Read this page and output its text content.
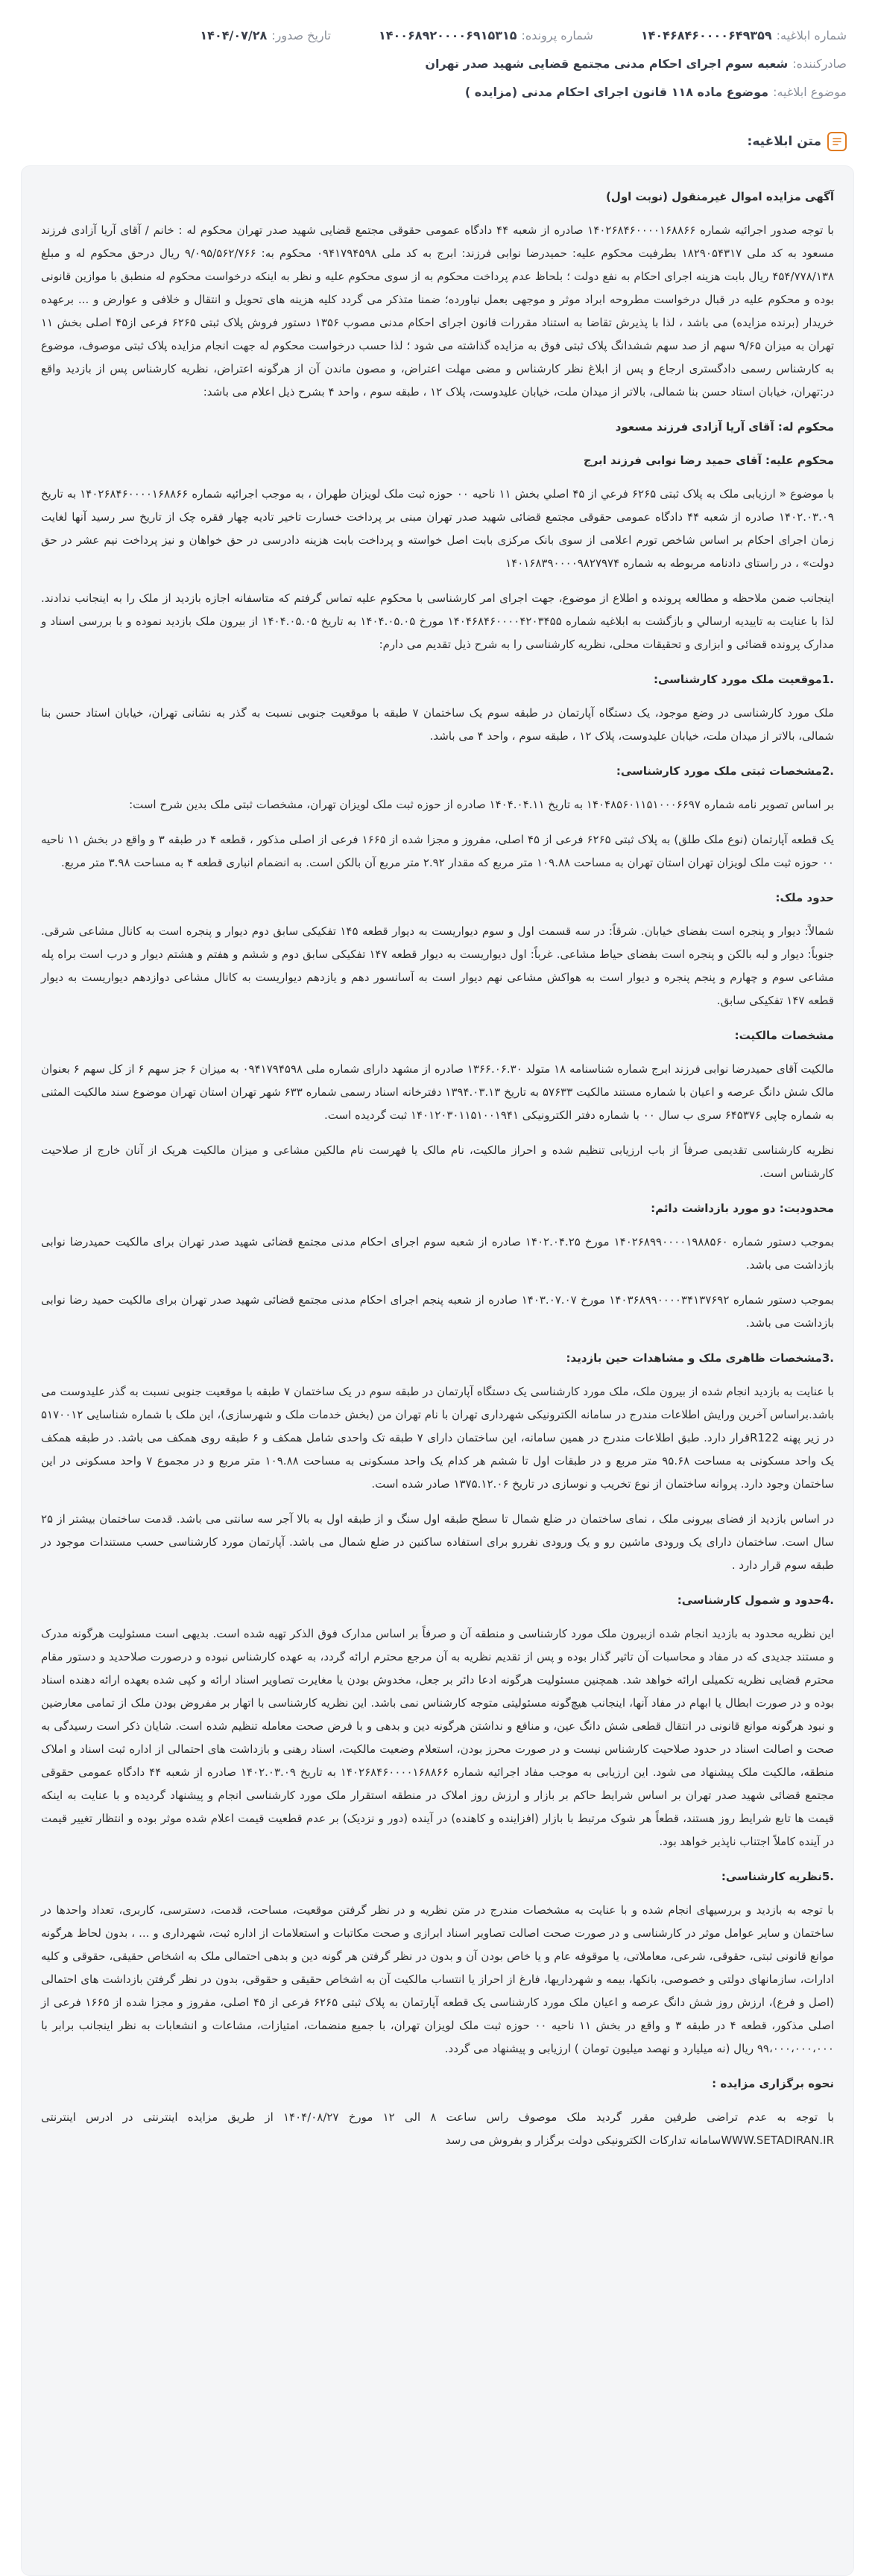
شماره ابلاغیه:
۱۴۰۴۶۸۴۶۰۰۰۰۶۴۹۳۵۹
شماره پرونده:
۱۴۰۰۶۸۹۲۰۰۰۰۶۹۱۵۳۱۵
تاریخ صدور:
۱۴۰۴/۰۷/۲۸
صادرکننده:
شعبه سوم اجرای احکام مدنی مجتمع قضایی شهید صدر تهران
موضوع ابلاغیه:
موضوع ماده ۱۱۸ قانون اجرای احکام مدنی (مزایده )
متن ابلاغیه:

آگهی مزایده اموال غیرمنقول (نوبت اول)

با توجه صدور اجرائیه شماره ۱۴۰۲۶۸۴۶۰۰۰۰۱۶۸۸۶۶ صادره از شعبه ۴۴ دادگاه عمومی حقوقی مجتمع قضایی شهید صدر تهران محکوم له : خانم / آقای آریا آزادی فرزند مسعود به کد ملی ۱۸۲۹۰۵۴۳۱۷ بطرفیت محکوم علیه: حمیدرضا نوابی فرزند: ابرج به کد ملی ۰۹۴۱۷۹۴۵۹۸ محکوم به: ۹/۰۹۵/۵۶۲/۷۶۶ ریال درحق محکوم له و مبلغ ۴۵۴/۷۷۸/۱۳۸ ریال بابت هزینه اجرای احکام به نفع دولت ؛ بلحاظ عدم پرداخت محکوم به از سوی محکوم علیه و نظر به اینکه درخواست محکوم له منطبق با موازین قانونی بوده و محکوم علیه در قبال درخواست مطروحه ابراد موثر و موجهی بعمل نیاورده؛ ضمنا متذکر می گردد کلیه هزینه های تحویل و انتقال و خلافی و عوارض و ... برعهده خریدار (برنده مزایده) می باشد ، لذا با پذیرش تقاضا به استناد مقررات قانون اجرای احکام مدنی مصوب ۱۳۵۶ دستور فروش پلاک ثبتی ۶۲۶۵ فرعی از۴۵ اصلی بخش ۱۱ تهران به میزان ۹/۶۵ سهم از صد سهم ششدانگ پلاک ثبتی فوق به مزایده گذاشته می شود ؛ لذا حسب درخواست محکوم له جهت انجام مزایده پلاک ثبتی موصوف، موضوع به کارشناس رسمی دادگستری ارجاع و پس از ابلاغ نظر کارشناس و مضی مهلت اعتراض، و مصون ماندن آن از هرگونه اعتراض، نظریه کارشناس پس از بازدید واقع در:تهران، خیابان استاد حسن بنا شمالی، بالاتر از میدان ملت، خیابان علیدوست، پلاک ۱۲ ، طبقه سوم ، واحد ۴ بشرح ذیل اعلام می باشد:

محکوم له: آقای آریا آزادی فرزند مسعود

محکوم علیه: آقای حمید رضا نوابی فرزند ابرج

با موضوع « ارزیابی ملک به پلاک ثبتی ۶۲۶۵ فرعي از ۴۵ اصلي بخش ۱۱ ناحيه ۰۰ حوزه ثبت ملک لويزان طهران ، به موجب اجرائيه شماره ۱۴۰۲۶۸۴۶۰۰۰۰۱۶۸۸۶۶ به تاريخ ۱۴۰۲.۰۳.۰۹ صادره از شعبه ۴۴ دادگاه عمومی حقوقی مجتمع قضائی شهید صدر تهران مبنی بر پرداخت خسارت تاخیر تادیه چهار فقره چک از تاریخ سر رسید آنها لغایت زمان اجرای احکام بر اساس شاخص تورم اعلامی از سوی بانک مرکزی بابت اصل خواسته و پرداخت بابت هزینه دادرسی در حق خواهان و نیز پرداخت نیم عشر در حق دولت» ، در راستای دادنامه مربوطه به شماره ۱۴۰۱۶۸۳۹۰۰۰۰۹۸۲۷۹۷۴

اینجانب ضمن ملاحظه و مطالعه پرونده و اطلاع از موضوع، جهت اجرای امر کارشناسی با محکوم عليه تماس گرفتم که متاسفانه اجازه بازديد از ملک را به اينجانب ندادند. لذا با عنايت به تاييديه ارسالي و بازگشت به ابلاغيه شماره ۱۴۰۴۶۸۴۶۰۰۰۰۴۲۰۳۴۵۵ مورخ ۱۴۰۴.۰۵.۰۵ به تاريخ ۱۴۰۴.۰۵.۰۵ از بيرون ملک بازديد نموده و با بررسی اسناد و مدارک پرونده قضائی و ابزاری و تحقيقات محلی، نظريه کارشناسی را به شرح ذيل تقديم می دارم:

.1موقعيت ملک مورد کارشناسی:

ملک مورد کارشناسی در وضع موجود، يک دستگاه آپارتمان در طبقه سوم يک ساختمان ۷ طبقه با موقعيت جنوبی نسبت به گذر به نشانی تهران، خيابان استاد حسن بنا شمالی، بالاتر از ميدان ملت، خيابان عليدوست، پلاک ۱۲ ، طبقه سوم ، واحد ۴ می باشد.

.2مشخصات ثبتی ملک مورد کارشناسی:

بر اساس تصوير نامه شماره ۱۴۰۴۸۵۶۰۱۱۵۱۰۰۰۶۶۹۷ به تاريخ ۱۴۰۴.۰۴.۱۱ صادره از حوزه ثبت ملک لويزان تهران، مشخصات ثبتی ملک بدين شرح است:

يک قطعه آپارتمان (نوع ملک طلق) به پلاک ثبتی ۶۲۶۵ فرعی از ۴۵ اصلی، مفروز و مجزا شده از ۱۶۶۵ فرعی از اصلی مذکور ، قطعه ۴ در طبقه ۳ و واقع در بخش ۱۱ ناحيه ۰۰ حوزه ثبت ملک لويزان تهران استان تهران به مساحت ۱۰۹.۸۸ متر مربع که مقدار ۲.۹۲ متر مربع آن بالکن است. به انضمام انباری قطعه ۴ به مساحت ۳.۹۸ متر مربع.

حدود ملک:

شمالاً: ديوار و پنجره است بفضای خيابان. شرقاً: در سه قسمت اول و سوم ديواريست به ديوار قطعه ۱۴۵ تفکيکی سابق دوم ديوار و پنجره است به کانال مشاعی شرقی. جنوباً: ديوار و لبه بالکن و پنجره است بفضای حياط مشاعی. غرباً: اول ديواريست به ديوار قطعه ۱۴۷ تفکيکی سابق دوم و ششم و هفتم و هشتم ديوار و درب است براه پله مشاعی سوم و چهارم و پنجم پنجره و ديوار است به هواکش مشاعی نهم ديوار است به آسانسور دهم و يازدهم ديواريست به کانال مشاعی دوازدهم ديواريست به ديوار قطعه ۱۴۷ تفکيکی سابق.

مشخصات مالکيت:

مالکيت آقای حميدرضا نوابی فرزند ابرج شماره شناسنامه ۱۸ متولد ۱۳۶۶.۰۶.۳۰ صادره از مشهد دارای شماره ملی ۰۹۴۱۷۹۴۵۹۸ به ميزان ۶ جز سهم ۶ از کل سهم ۶ بعنوان مالک شش دانگ عرصه و اعيان با شماره مستند مالکيت ۵۷۶۳۳ به تاريخ ۱۳۹۴.۰۳.۱۳ دفترخانه اسناد رسمی شماره ۶۳۳ شهر تهران استان تهران موضوع سند مالکيت المثنی به شماره چاپی ۶۴۵۳۷۶ سری ب سال ۰۰ با شماره دفتر الکترونيکی ۱۴۰۱۲۰۳۰۱۱۵۱۰۰۱۹۴۱ ثبت گرديده است.

نظريه کارشناسی تقديمی صرفاً از باب ارزيابی تنظيم شده و احراز مالکيت، نام مالک يا فهرست نام مالکين مشاعی و ميزان مالکيت هريک از آنان خارج از صلاحيت کارشناس است.

محدوديت: دو مورد بازداشت دائم:

بموجب دستور شماره ۱۴۰۲۶۸۹۹۰۰۰۰۱۹۸۸۵۶۰ مورخ ۱۴۰۲.۰۴.۲۵ صادره از شعبه سوم اجرای احکام مدنی مجتمع قضائی شهيد صدر تهران برای مالکيت حميدرضا نوابی بازداشت می باشد.

بموجب دستور شماره ۱۴۰۳۶۸۹۹۰۰۰۰۳۴۱۳۷۶۹۲ مورخ ۱۴۰۳.۰۷.۰۷ صادره از شعبه پنجم اجرای احکام مدنی مجتمع قضائی شهيد صدر تهران برای مالکيت حميد رضا نوابی بازداشت می باشد.

.3مشخصات ظاهری ملک و مشاهدات حين بازديد:

با عنايت به بازديد انجام شده از بيرون ملک، ملک مورد کارشناسی يک دستگاه آپارتمان در طبقه سوم در يک ساختمان ۷ طبقه با موقعيت جنوبی نسبت به گذر عليدوست می باشد.براساس آخرين ورايش اطلاعات مندرج در سامانه الکترونيکی شهرداری تهران با نام تهران من (بخش خدمات ملک و شهرسازی)، اين ملک با شماره شناسايی ۵۱۷۰۰۱۲ در زير پهنه R122قرار دارد. طبق اطلاعات مندرج در همين سامانه، اين ساختمان دارای ۷ طبقه تک واحدی شامل همکف و ۶ طبقه روی همکف می باشد. در طبقه همکف يک واحد مسکونی به مساحت ۹۵.۶۸ متر مربع و در طبقات اول تا ششم هر کدام يک واحد مسکونی به مساحت ۱۰۹.۸۸ متر مربع و در مجموع ۷ واحد مسکونی در اين ساختمان وجود دارد. پروانه ساختمان از نوع تخريب و نوسازی در تاريخ ۱۳۷۵.۱۲.۰۶ صادر شده است.

در اساس بازديد از فضای بيرونی ملک ، نمای ساختمان در ضلع شمال تا سطح طبقه اول سنگ و از طبقه اول به بالا آجر سه سانتی می باشد. قدمت ساختمان بيشتر از ۲۵ سال است. ساختمان دارای يک ورودی ماشين رو و يک ورودی نفررو برای استفاده ساکنين در ضلع شمال می باشد. آپارتمان مورد کارشناسی حسب مستندات موجود در طبقه سوم قرار دارد .

.4حدود و شمول کارشناسی:

اين نظريه محدود به بازديد انجام شده ازبيرون ملک مورد کارشناسی و منطقه آن و صرفاً بر اساس مدارک فوق الذکر تهيه شده است. بديهی است مسئوليت هرگونه مدرک و مستند جديدی که در مفاد و محاسبات آن تاثير گذار بوده و پس از تقديم نظريه به آن مرجع محترم ارائه گردد، به عهده کارشناس نبوده و درصورت صلاحديد و دستور مقام محترم قضايی نظريه تکميلی ارائه خواهد شد. همچنين مسئوليت هرگونه ادعا دائر بر جعل، مخدوش بودن يا مغايرت تصاوير اسناد ارائه و کپی شده بعهده ارائه دهنده اسناد بوده و در صورت ابطال يا ابهام در مفاد آنها، اينجانب هيچ‌گونه مسئوليتی متوجه کارشناس نمی باشد. اين نظريه کارشناسی با اتهار بر مفروض بودن ملک از تمامی معارضين و نبود هرگونه موانع قانونی در انتقال قطعی شش دانگ عين، و منافع و نداشتن هرگونه دين و بدهی و با فرض صحت معامله تنظيم شده است. شايان ذکر است رسيدگی به صحت و اصالت اسناد در حدود صلاحيت کارشناس نيست و در صورت محرز بودن، استعلام وضعيت مالکيت، اسناد رهنی و بازداشت های احتمالی از اداره ثبت اسناد و املاک منطقه، مالکيت ملک پيشنهاد می شود. اين ارزيابی به موجب مفاد اجرائيه شماره ۱۴۰۲۶۸۴۶۰۰۰۰۱۶۸۸۶۶ به تاريخ ۱۴۰۲.۰۳.۰۹ صادره از شعبه ۴۴ دادگاه عمومی حقوقی مجتمع قضائی شهيد صدر تهران بر اساس شرايط حاکم بر بازار و ارزش روز املاک در منطقه استقرار ملک مورد کارشناسی انجام و پيشنهاد گرديده و با عنايت به اينکه قيمت ها تابع شرايط روز هستند، قطعاً هر شوک مرتبط با بازار (افزاينده و کاهنده) در آينده (دور و نزديک) بر عدم قطعيت قيمت اعلام شده موثر بوده و انتظار تغيير قيمت در آينده کاملاً اجتناب ناپذير خواهد بود.

.5نظريه کارشناسی:

با توجه به بازديد و بررسيهای انجام شده و با عنايت به مشخصات مندرج در متن نظريه و در نظر گرفتن موقعيت، مساحت، قدمت، دسترسی، کاربری، تعداد واحدها در ساختمان و ساير عوامل موثر در کارشناسی و در صورت صحت اصالت تصاوير اسناد ابرازی و صحت مکاتبات و استعلامات از اداره ثبت، شهرداری و ... ، بدون لحاظ هرگونه موانع قانونی ثبتی، حقوقی، شرعی، معاملاتی، يا موقوفه عام و يا خاص بودن آن و بدون در نظر گرفتن هر گونه دين و بدهی احتمالی ملک به اشخاص حقيقی، حقوقی و کليه ادارات، سازمانهای دولتی و خصوصی، بانکها، بيمه و شهرداريها، فارغ از احراز يا انتساب مالکيت آن به اشخاص حقيقی و حقوقی، بدون در نظر گرفتن بازداشت های احتمالی (اصل و فرع)، ارزش روز شش دانگ عرصه و اعيان ملک مورد کارشناسی يک قطعه آپارتمان به پلاک ثبتی ۶۲۶۵ فرعی از ۴۵ اصلی، مفروز و مجزا شده از ۱۶۶۵ فرعی از اصلی مذکور، قطعه ۴ در طبقه ۳ و واقع در بخش ۱۱ ناحيه ۰۰ حوزه ثبت ملک لويزان تهران، با جميع منضمات، امتيازات، مشاعات و انشعابات به نظر اينجانب برابر با ۹۹،۰۰۰،۰۰۰،۰۰۰ ريال (نه ميليارد و نهصد ميليون تومان ) ارزيابی و پيشنهاد می گردد.

نحوه برگزاری مزایده :

با توجه به عدم تراضی طرفین مقرر گردید ملک موصوف راس ساعت ۸ الی ۱۲ مورخ ۱۴۰۴/۰۸/۲۷ از طریق مزایده اینترنتی در ادرس اینترنتی WWW.SETADIRAN.IRسامانه تدارکات الکترونیکی دولت برگزار و بفروش می رسد
